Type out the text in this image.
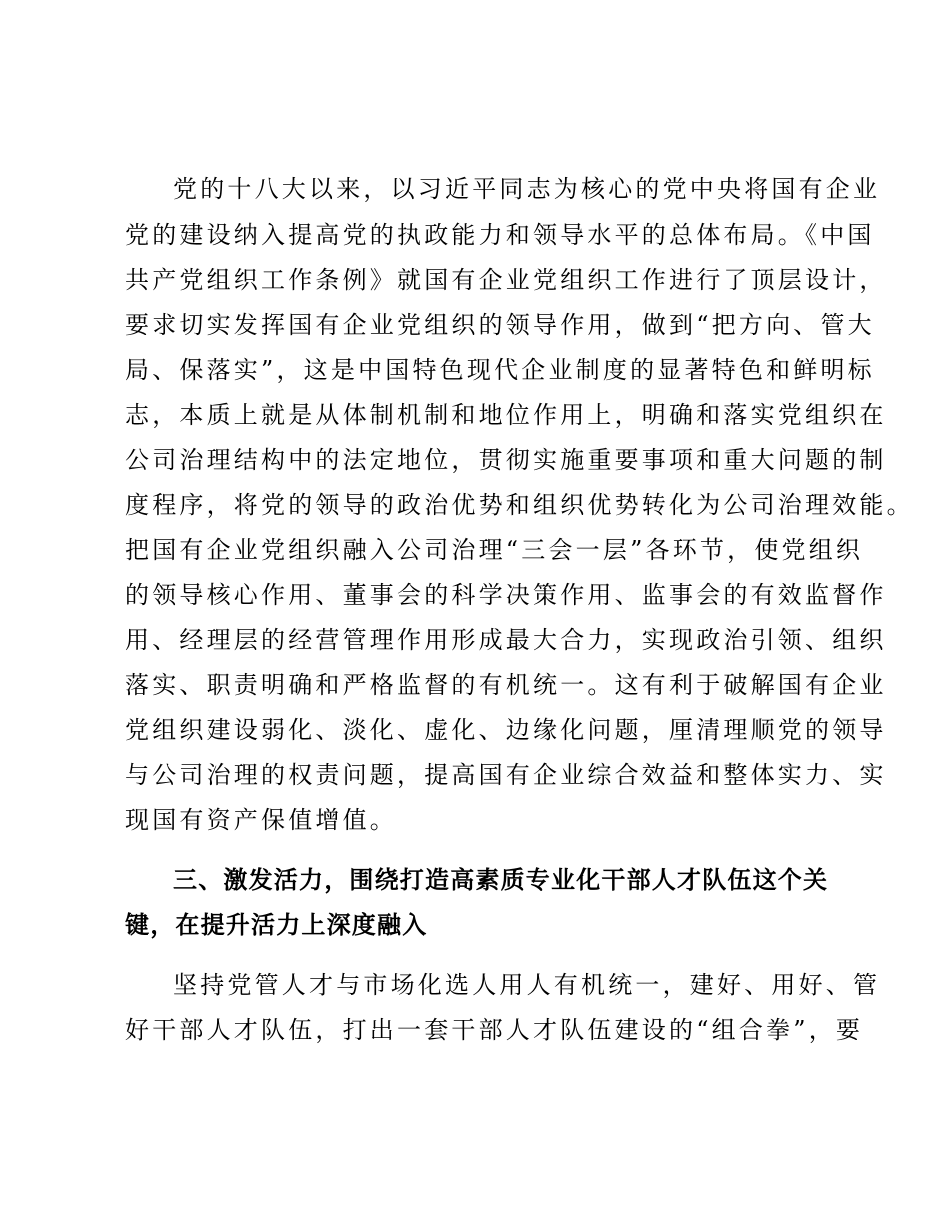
党的十八大以来，以习近平同志为核心的党中央将国有企业
党的建设纳入提高党的执政能力和领导水平的总体布局。《中国
共产党组织工作条例》就国有企业党组织工作进行了顶层设计，
要求切实发挥国有企业党组织的领导作用，做到“把方向、管大
局、保落实”，这是中国特色现代企业制度的显著特色和鲜明标
志，本质上就是从体制机制和地位作用上，明确和落实党组织在
公司治理结构中的法定地位，贯彻实施重要事项和重大问题的制
度程序，将党的领导的政治优势和组织优势转化为公司治理效能。
把国有企业党组织融入公司治理“三会一层”各环节，使党组织
的领导核心作用、董事会的科学决策作用、监事会的有效监督作
用、经理层的经营管理作用形成最大合力，实现政治引领、组织
落实、职责明确和严格监督的有机统一。这有利于破解国有企业
党组织建设弱化、淡化、虚化、边缘化问题，厘清理顺党的领导
与公司治理的权责问题，提高国有企业综合效益和整体实力、实
现国有资产保值增值。
三、激发活力，围绕打造高素质专业化干部人才队伍这个关
键，在提升活力上深度融入
坚持党管人才与市场化选人用人有机统一，建好、用好、管
好干部人才队伍，打出一套干部人才队伍建设的“组合拳”，要
